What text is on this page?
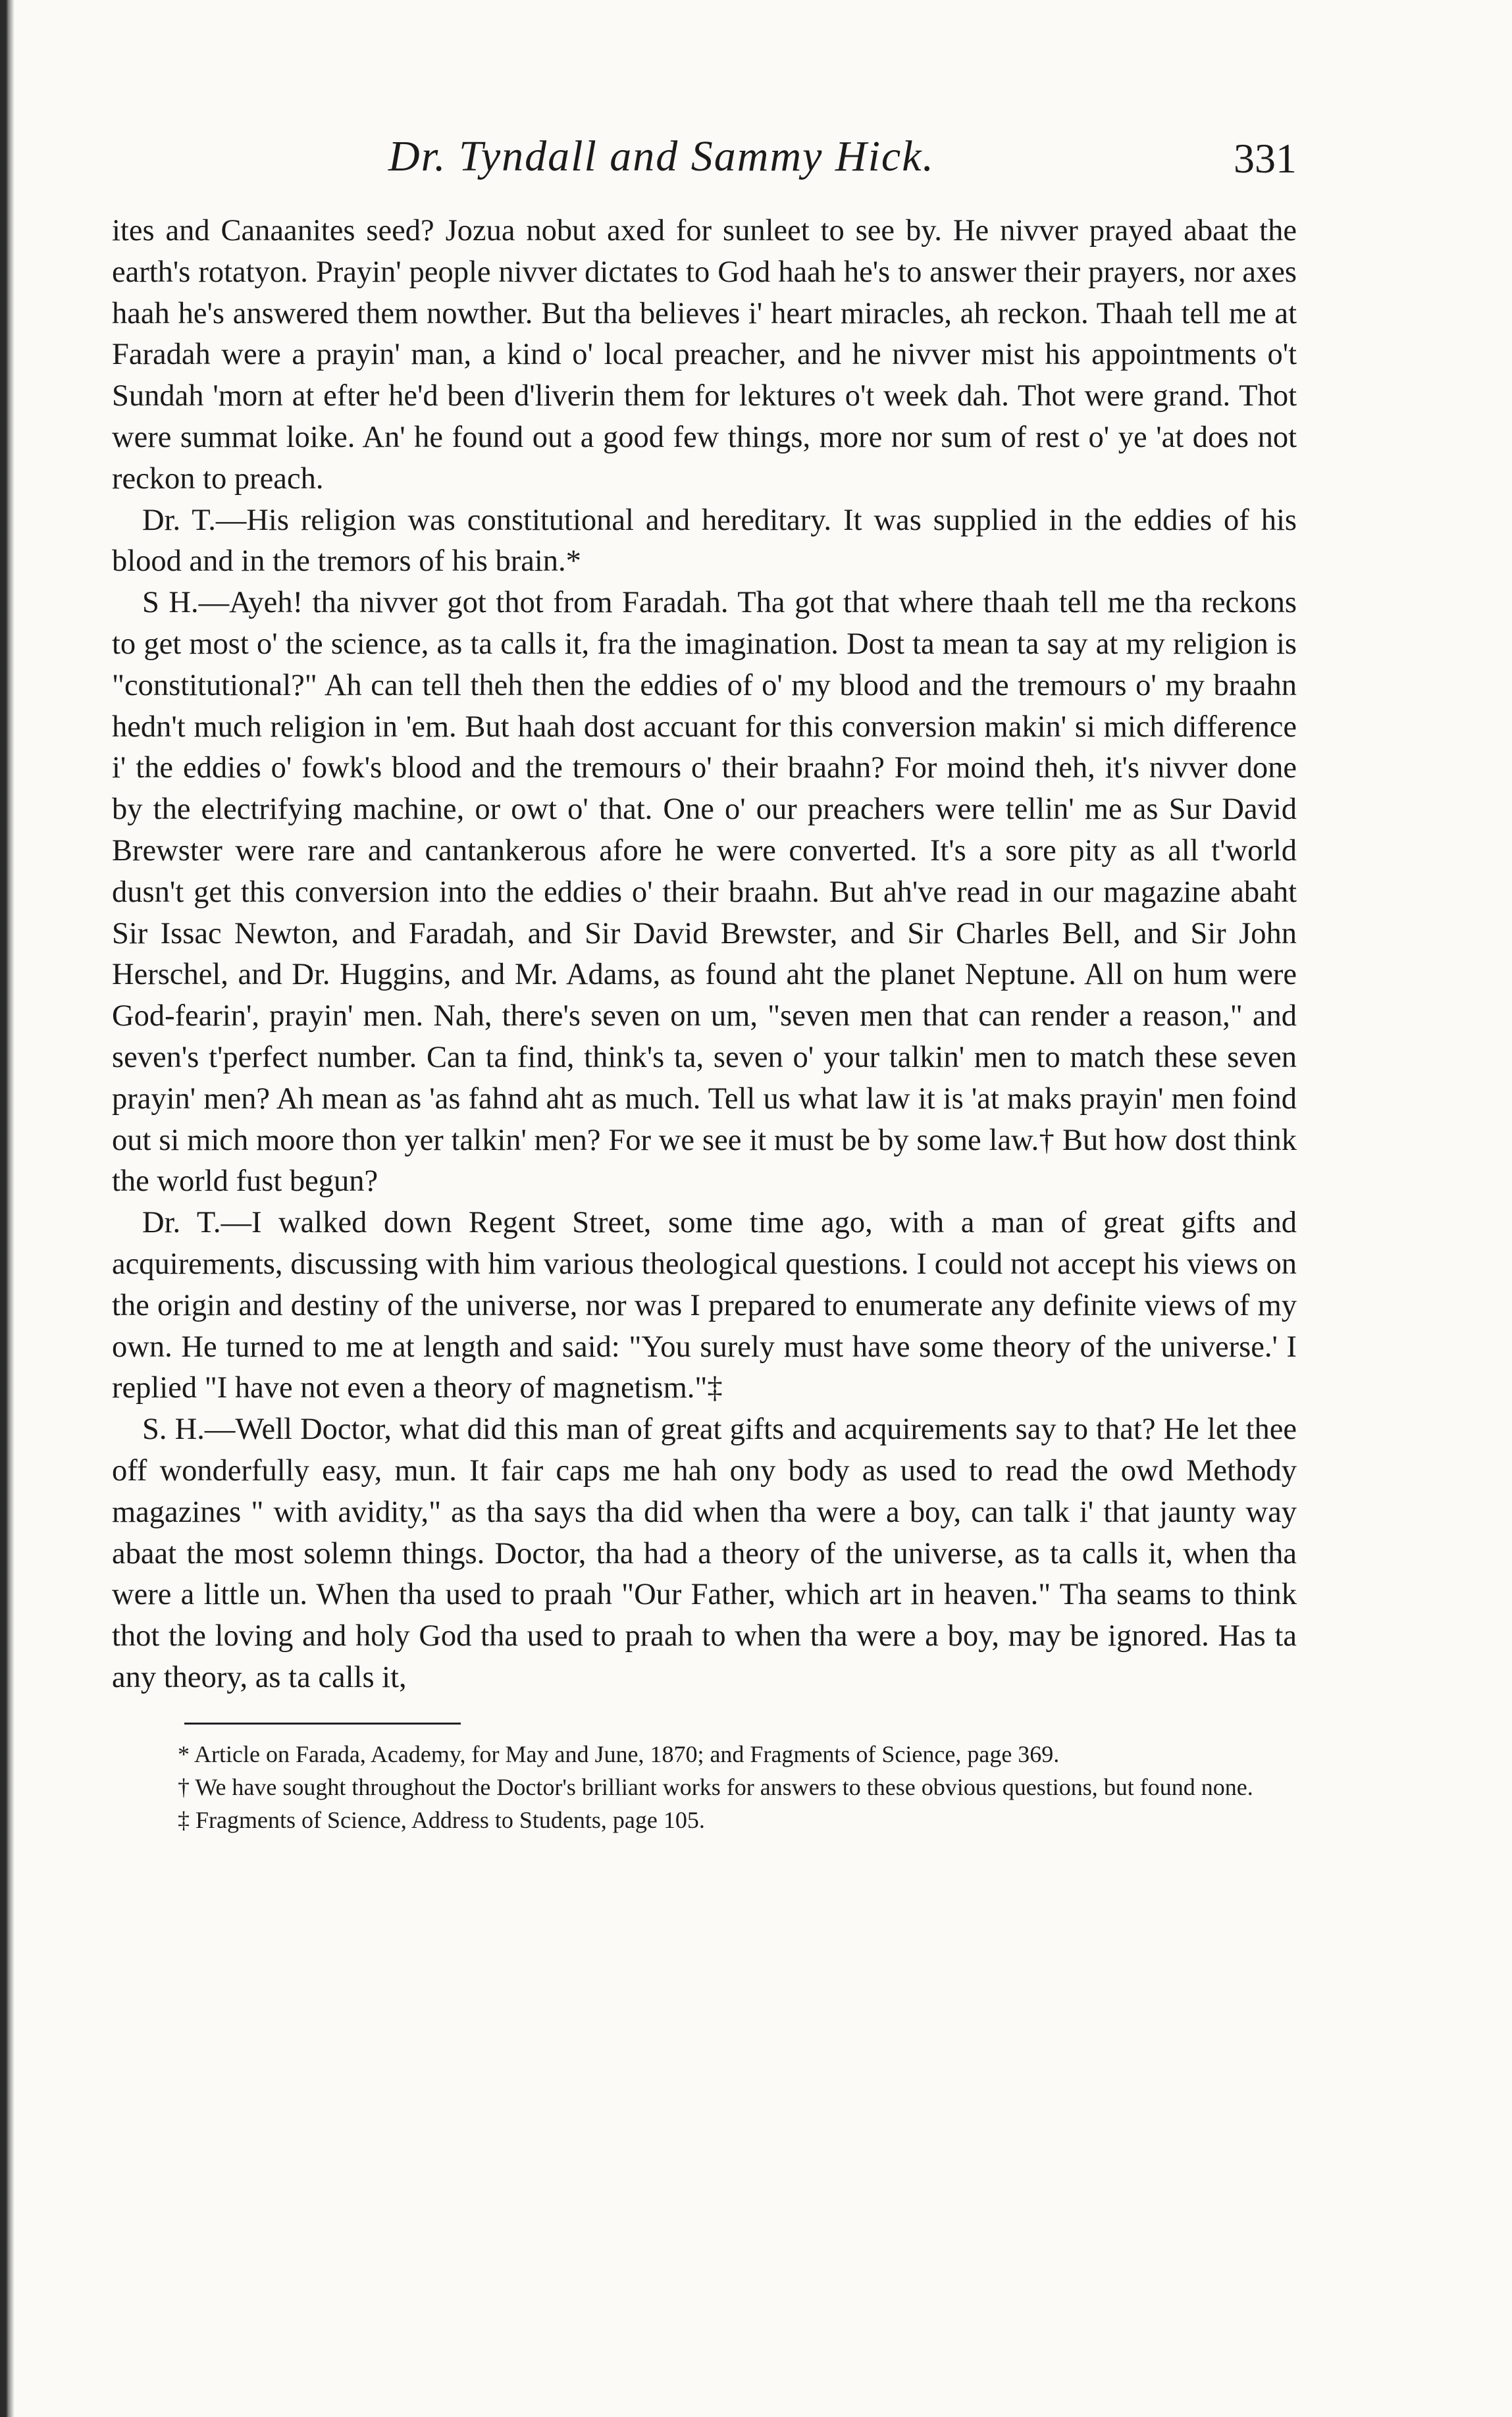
Dr. Tyndall and Sammy Hick.	331

ites and Canaanites seed? Jozua nobut axed for sunleet to see by. He nivver prayed abaat the earth's rotatyon. Prayin' people nivver dictates to God haah he's to answer their prayers, nor axes haah he's answered them nowther. But tha believes i' heart miracles, ah reckon. Thaah tell me at Faradah were a prayin' man, a kind o' local preacher, and he nivver mist his appointments o't Sundah 'morn at efter he'd been d'liverin them for lektures o't week dah. Thot were grand. Thot were summat loike. An' he found out a good few things, more nor sum of rest o' ye 'at does not reckon to preach.

Dr. T.—His religion was constitutional and hereditary. It was supplied in the eddies of his blood and in the tremors of his brain.*

S H.—Ayeh! tha nivver got thot from Faradah. Tha got that where thaah tell me tha reckons to get most o' the science, as ta calls it, fra the imagination. Dost ta mean ta say at my religion is "constitutional?" Ah can tell theh then the eddies of o' my blood and the tremours o' my braahn hedn't much religion in 'em. But haah dost accuant for this conversion makin' si mich difference i' the eddies o' fowk's blood and the tremours o' their braahn? For moind theh, it's nivver done by the electrifying machine, or owt o' that. One o' our preachers were tellin' me as Sur David Brewster were rare and cantankerous afore he were converted. It's a sore pity as all t'world dusn't get this conversion into the eddies o' their braahn. But ah've read in our magazine abaht Sir Issac Newton, and Faradah, and Sir David Brewster, and Sir Charles Bell, and Sir John Herschel, and Dr. Huggins, and Mr. Adams, as found aht the planet Neptune. All on hum were God-fearin', prayin' men. Nah, there's seven on um, "seven men that can render a reason," and seven's t'perfect number. Can ta find, think's ta, seven o' your talkin' men to match these seven prayin' men? Ah mean as 'as fahnd aht as much. Tell us what law it is 'at maks prayin' men foind out si mich moore thon yer talkin' men? For we see it must be by some law.† But how dost think the world fust begun?

Dr. T.—I walked down Regent Street, some time ago, with a man of great gifts and acquirements, discussing with him various theological questions. I could not accept his views on the origin and destiny of the universe, nor was I prepared to enumerate any definite views of my own. He turned to me at length and said: "You surely must have some theory of the universe.' I replied "I have not even a theory of magnetism."‡

S. H.—Well Doctor, what did this man of great gifts and acquirements say to that? He let thee off wonderfully easy, mun. It fair caps me hah ony body as used to read the owd Methody magazines " with avidity," as tha says tha did when tha were a boy, can talk i' that jaunty way abaat the most solemn things. Doctor, tha had a theory of the universe, as ta calls it, when tha were a little un. When tha used to praah "Our Father, which art in heaven." Tha seams to think thot the loving and holy God tha used to praah to when tha were a boy, may be ignored. Has ta any theory, as ta calls it,

* Article on Farada, Academy, for May and June, 1870; and Fragments of Science, page 369.

† We have sought throughout the Doctor's brilliant works for answers to these obvious questions, but found none.

‡ Fragments of Science, Address to Students, page 105.
